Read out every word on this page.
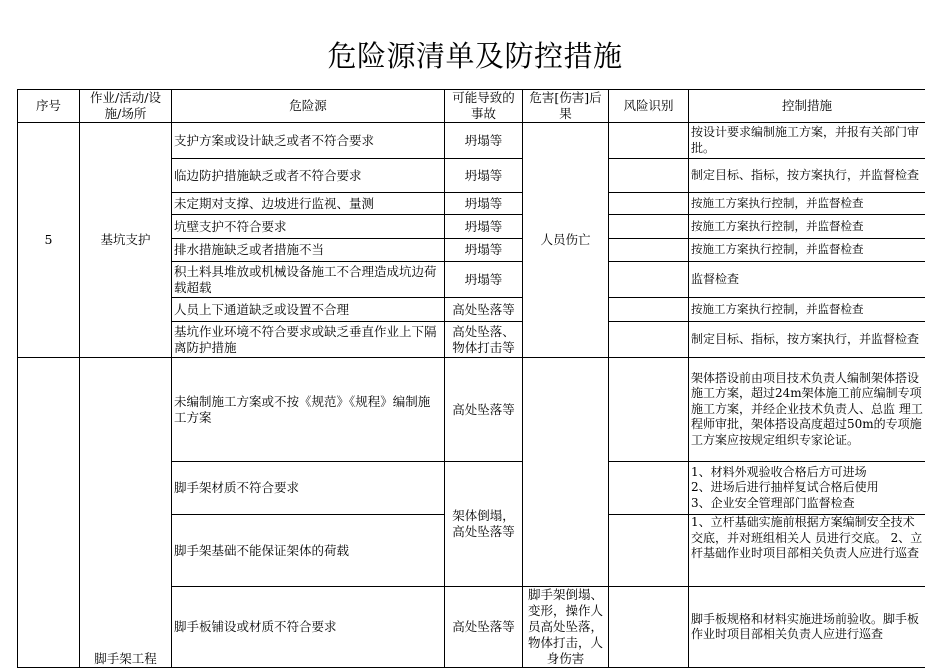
危险源清单及防控措施
序号	作业/活动/设施/场所	危险源	可能导致的事故	危害[伤害]后果	风险识别	控制措施
5	基坑支护	支护方案或设计缺乏或者不符合要求	坍塌等	人员伤亡		按设计要求编制施工方案，并报有关部门审批。
		临边防护措施缺乏或者不符合要求	坍塌等			制定目标、指标，按方案执行，并监督检查
		未定期对支撑、边坡进行监视、量测	坍塌等			按施工方案执行控制，并监督检查
		坑壁支护不符合要求	坍塌等			按施工方案执行控制，并监督检查
		排水措施缺乏或者措施不当	坍塌等			按施工方案执行控制，并监督检查
		积土料具堆放或机械设备施工不合理造成坑边荷载超载	坍塌等			监督检查
		人员上下通道缺乏或设置不合理	高处坠落等			按施工方案执行控制，并监督检查
		基坑作业环境不符合要求或缺乏垂直作业上下隔离防护措施	高处坠落、物体打击等			制定目标、指标，按方案执行，并监督检查
	脚手架工程	未编制施工方案或不按《规范》《规程》编制施工方案	高处坠落等			架体搭设前由项目技术负责人编制架体搭设施工方案，超过24m架体施工前应编制专项施工方案，并经企业技术负责人、总监 理工程师审批，架体搭设高度超过50m的专项施工方案应按规定组织专家论证。
		脚手架材质不符合要求	架体倒塌，高处坠落等			1、材料外观验收合格后方可进场
2、进场后进行抽样复试合格后使用
3、企业安全管理部门监督检查
		脚手架基础不能保证架体的荷载				1、立杆基础实施前根据方案编制安全技术交底，并对班组相关人 员进行交底。 2、立杆基础作业时项目部相关负责人应进行巡查
		脚手板铺设或材质不符合要求	高处坠落等	脚手架倒塌、变形，操作人员高处坠落，物体打击，人身伤害		脚手板规格和材料实施进场前验收。脚手板作业时项目部相关负责人应进行巡查
